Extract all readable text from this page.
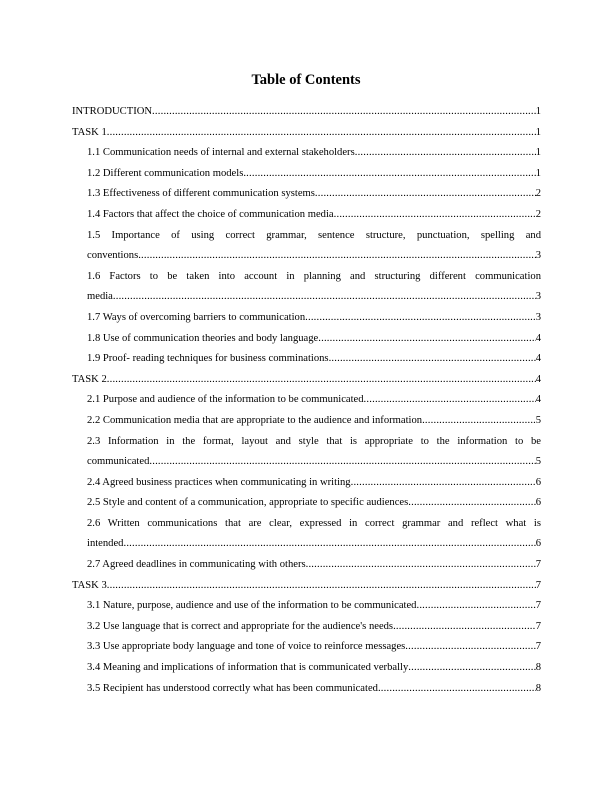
Table of Contents
INTRODUCTION .....	1
TASK 1 .....	1
1.1 Communication needs of internal and external stakeholders .....	1
1.2 Different communication models .....	1
1.3 Effectiveness of different communication systems .....	2
1.4 Factors that affect the choice of communication media .....	2
1.5 Importance of using correct grammar, sentence structure, punctuation, spelling and
conventions .....	3
1.6 Factors to be taken into account in planning and structuring different communication
media .....	3
1.7 Ways of overcoming barriers to communication .....	3
1.8 Use of communication theories and body language .....	4
1.9 Proof- reading techniques for business comminations .....	4
TASK 2 .....	4
2.1 Purpose and audience of the information to be communicated .....	4
2.2 Communication media that are appropriate to the audience and information .....	5
2.3 Information in the format, layout and style that is appropriate to the information to be
communicated .....	5
2.4 Agreed business practices when communicating in writing .....	6
2.5 Style and content of a communication, appropriate to specific audiences .....	6
2.6 Written communications that are clear, expressed in correct grammar and reflect what is
intended .....	6
2.7 Agreed deadlines in communicating with others .....	7
TASK 3 .....	7
3.1 Nature, purpose, audience and use of the information to be communicated .....	7
3.2 Use language that is correct and appropriate for the audience's needs .....	7
3.3 Use appropriate body language and tone of voice to reinforce messages .....	7
3.4 Meaning and implications of information that is communicated verbally .....	8
3.5 Recipient has understood correctly what has been communicated .....	8
